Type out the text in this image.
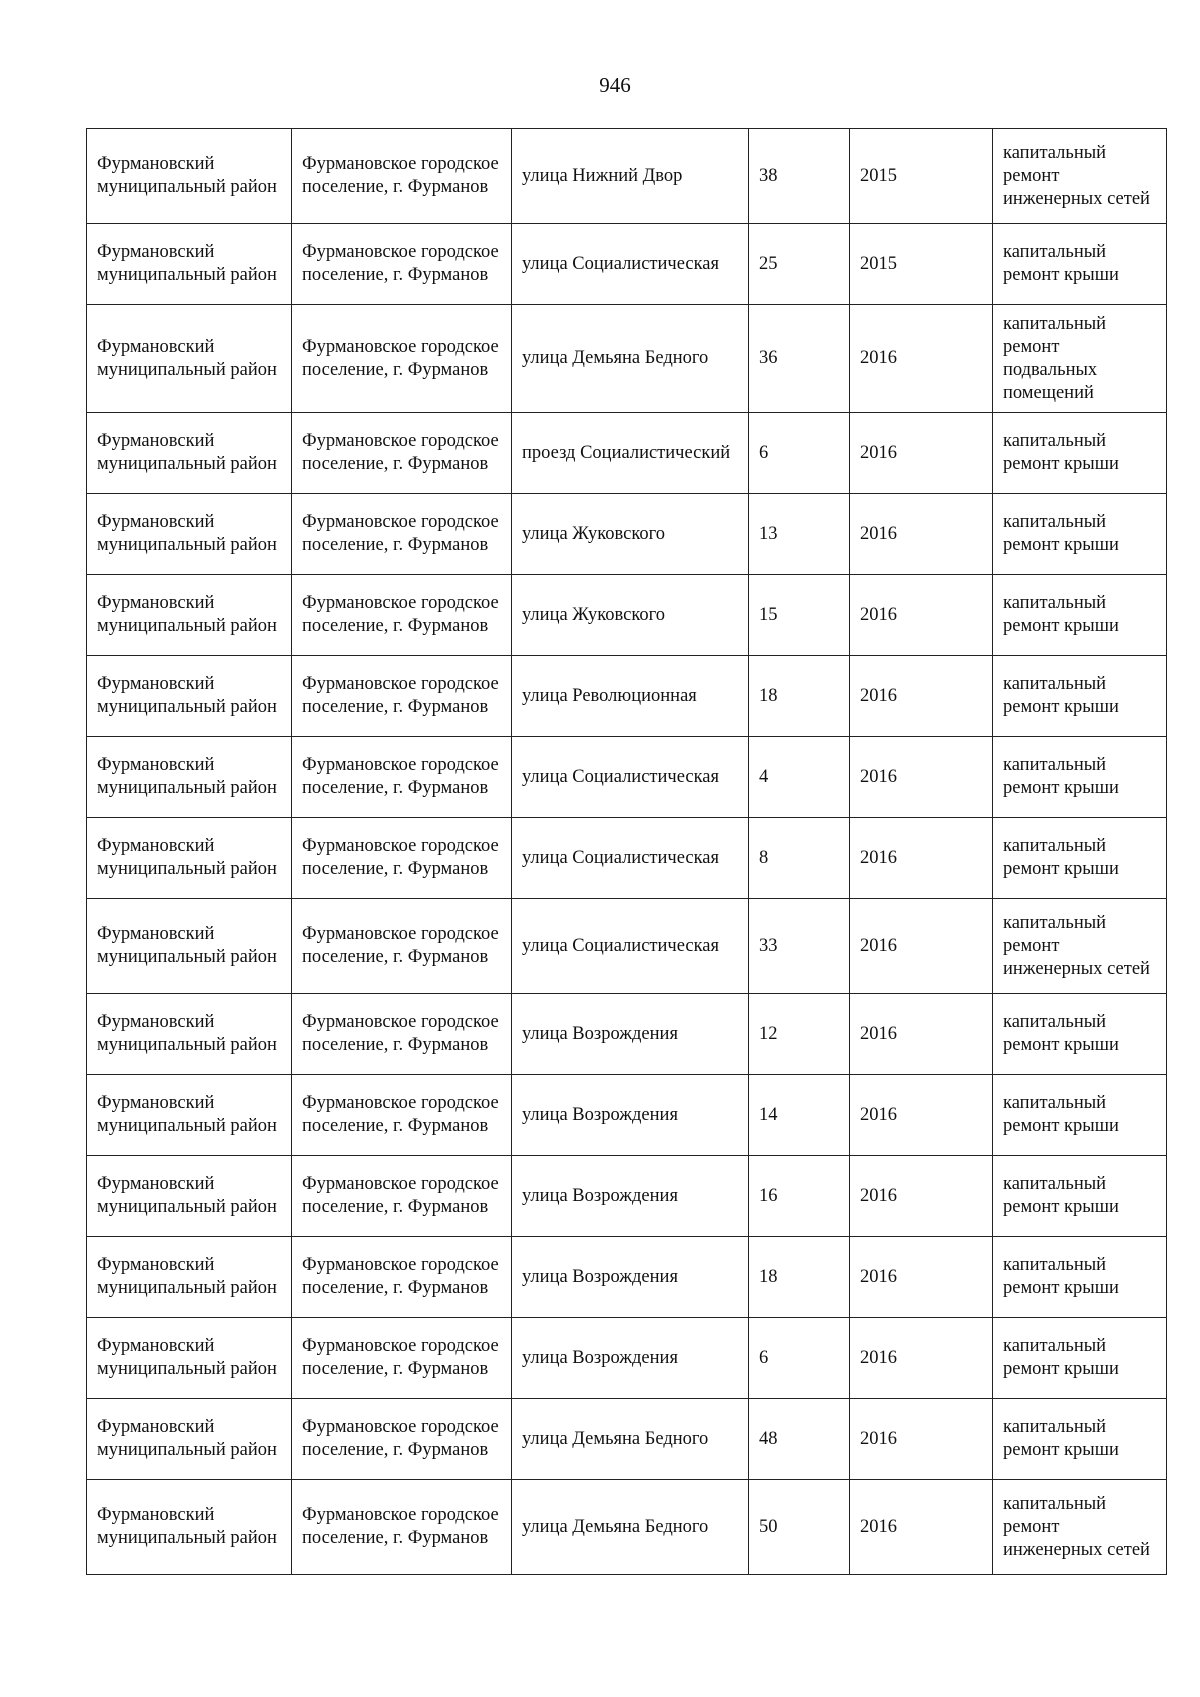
946
Фурмановский муниципальный район	Фурмановское городское поселение, г. Фурманов	улица Нижний Двор	38	2015	капитальный ремонт инженерных сетей
Фурмановский муниципальный район	Фурмановское городское поселение, г. Фурманов	улица Социалистическая	25	2015	капитальный ремонт крыши
Фурмановский муниципальный район	Фурмановское городское поселение, г. Фурманов	улица Демьяна Бедного	36	2016	капитальный ремонт подвальных помещений
Фурмановский муниципальный район	Фурмановское городское поселение, г. Фурманов	проезд Социалистический	6	2016	капитальный ремонт крыши
Фурмановский муниципальный район	Фурмановское городское поселение, г. Фурманов	улица Жуковского	13	2016	капитальный ремонт крыши
Фурмановский муниципальный район	Фурмановское городское поселение, г. Фурманов	улица Жуковского	15	2016	капитальный ремонт крыши
Фурмановский муниципальный район	Фурмановское городское поселение, г. Фурманов	улица Революционная	18	2016	капитальный ремонт крыши
Фурмановский муниципальный район	Фурмановское городское поселение, г. Фурманов	улица Социалистическая	4	2016	капитальный ремонт крыши
Фурмановский муниципальный район	Фурмановское городское поселение, г. Фурманов	улица Социалистическая	8	2016	капитальный ремонт крыши
Фурмановский муниципальный район	Фурмановское городское поселение, г. Фурманов	улица Социалистическая	33	2016	капитальный ремонт инженерных сетей
Фурмановский муниципальный район	Фурмановское городское поселение, г. Фурманов	улица Возрождения	12	2016	капитальный ремонт крыши
Фурмановский муниципальный район	Фурмановское городское поселение, г. Фурманов	улица Возрождения	14	2016	капитальный ремонт крыши
Фурмановский муниципальный район	Фурмановское городское поселение, г. Фурманов	улица Возрождения	16	2016	капитальный ремонт крыши
Фурмановский муниципальный район	Фурмановское городское поселение, г. Фурманов	улица Возрождения	18	2016	капитальный ремонт крыши
Фурмановский муниципальный район	Фурмановское городское поселение, г. Фурманов	улица Возрождения	6	2016	капитальный ремонт крыши
Фурмановский муниципальный район	Фурмановское городское поселение, г. Фурманов	улица Демьяна Бедного	48	2016	капитальный ремонт крыши
Фурмановский муниципальный район	Фурмановское городское поселение, г. Фурманов	улица Демьяна Бедного	50	2016	капитальный ремонт инженерных сетей
